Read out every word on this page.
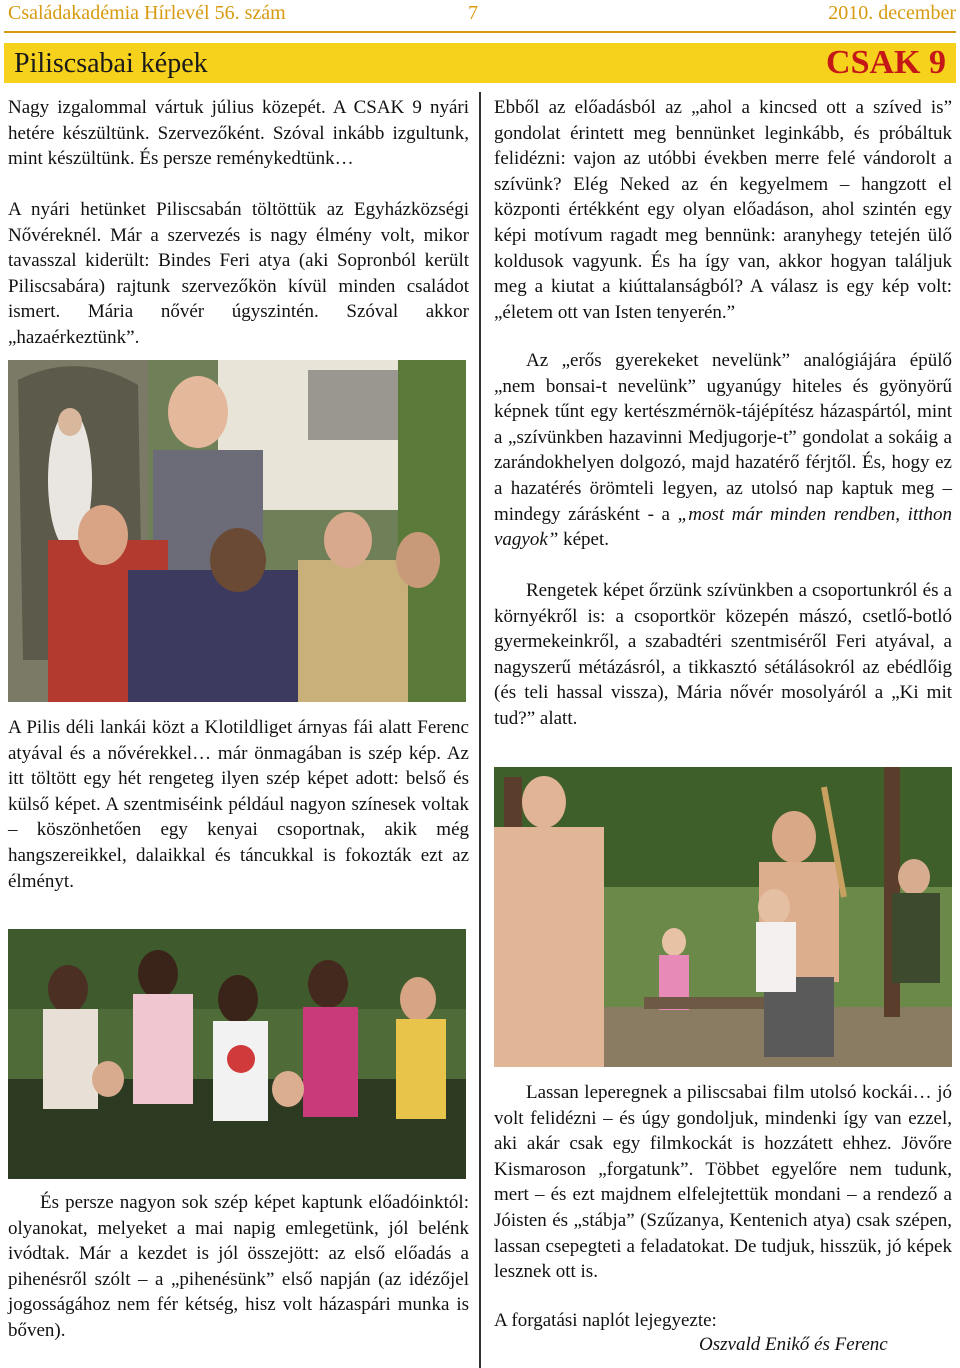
Családakadémia Hírlevél 56. szám	7	2010. december
Piliscsabai képek	CSAK 9

Nagy izgalommal vártuk július közepét. A CSAK 9 nyári hetére készültünk. Szervezőként. Szóval inkább izgultunk, mint készültünk. És persze reménykedtünk…

A nyári hetünket Piliscsabán töltöttük az Egyházközségi Nővéreknél. Már a szervezés is nagy élmény volt, mikor tavasszal kiderült: Bindes Feri atya (aki Sopronból került Piliscsabára) rajtunk szervezőkön kívül minden családot ismert. Mária nővér úgyszintén. Szóval akkor „hazaérkeztünk”.

A Pilis déli lankái közt a Klotildliget árnyas fái alatt Ferenc atyával és a nővérekkel… már önmagában is szép kép. Az itt töltött egy hét rengeteg ilyen szép képet adott: belső és külső képet. A szentmiséink például nagyon színesek voltak – köszönhetően egy kenyai csoportnak, akik még hangszereikkel, dalaikkal és táncukkal is fokozták ezt az élményt.

És persze nagyon sok szép képet kaptunk előadóinktól: olyanokat, melyeket a mai napig emlegetünk, jól belénk ivódtak. Már a kezdet is jól összejött: az első előadás a pihenésről szólt – a „pihenésünk” első napján (az idézőjel jogosságához nem fér kétség, hisz volt házaspári munka is bőven).

Ebből az előadásból az „ahol a kincsed ott a szíved is” gondolat érintett meg bennünket leginkább, és próbáltuk felidézni: vajon az utóbbi években merre felé vándorolt a szívünk? Elég Neked az én kegyelmem – hangzott el központi értékként egy olyan előadáson, ahol szintén egy képi motívum ragadt meg bennünk: aranyhegy tetején ülő koldusok vagyunk. És ha így van, akkor hogyan találjuk meg a kiutat a kiúttalanságból? A válasz is egy kép volt: „életem ott van Isten tenyerén.”

Az „erős gyerekeket nevelünk” analógiájára épülő „nem bonsai-t nevelünk” ugyanúgy hiteles és gyönyörű képnek tűnt egy kertészmérnök-tájépítész házaspártól, mint a „szívünkben hazavinni Medjugorje-t” gondolat a sokáig a zarándokhelyen dolgozó, majd hazatérő férjtől. És, hogy ez a hazatérés örömteli legyen, az utolsó nap kaptuk meg – mindegy zárásként - a „most már minden rendben, itthon vagyok” képet.

Rengetek képet őrzünk szívünkben a csoportunkról és a környékről is: a csoportkör közepén mászó, csetlő-botló gyermekeinkről, a szabadtéri szentmiséről Feri atyával, a nagyszerű métázásról, a tikkasztó sétálásokról az ebédlőig (és teli hassal vissza), Mária nővér mosolyáról a „Ki mit tud?” alatt.

Lassan leperegnek a piliscsabai film utolsó kockái… jó volt felidézni – és úgy gondoljuk, mindenki így van ezzel, aki akár csak egy filmkockát is hozzátett ehhez. Jövőre Kismaroson „forgatunk”. Többet egyelőre nem tudunk, mert – és ezt majdnem elfelejtettük mondani – a rendező a Jóisten és „stábja” (Szűzanya, Kentenich atya) csak szépen, lassan csepegteti a feladatokat. De tudjuk, hisszük, jó képek lesznek ott is.

A forgatási naplót lejegyezte:

Oszvald Enikő és Ferenc
